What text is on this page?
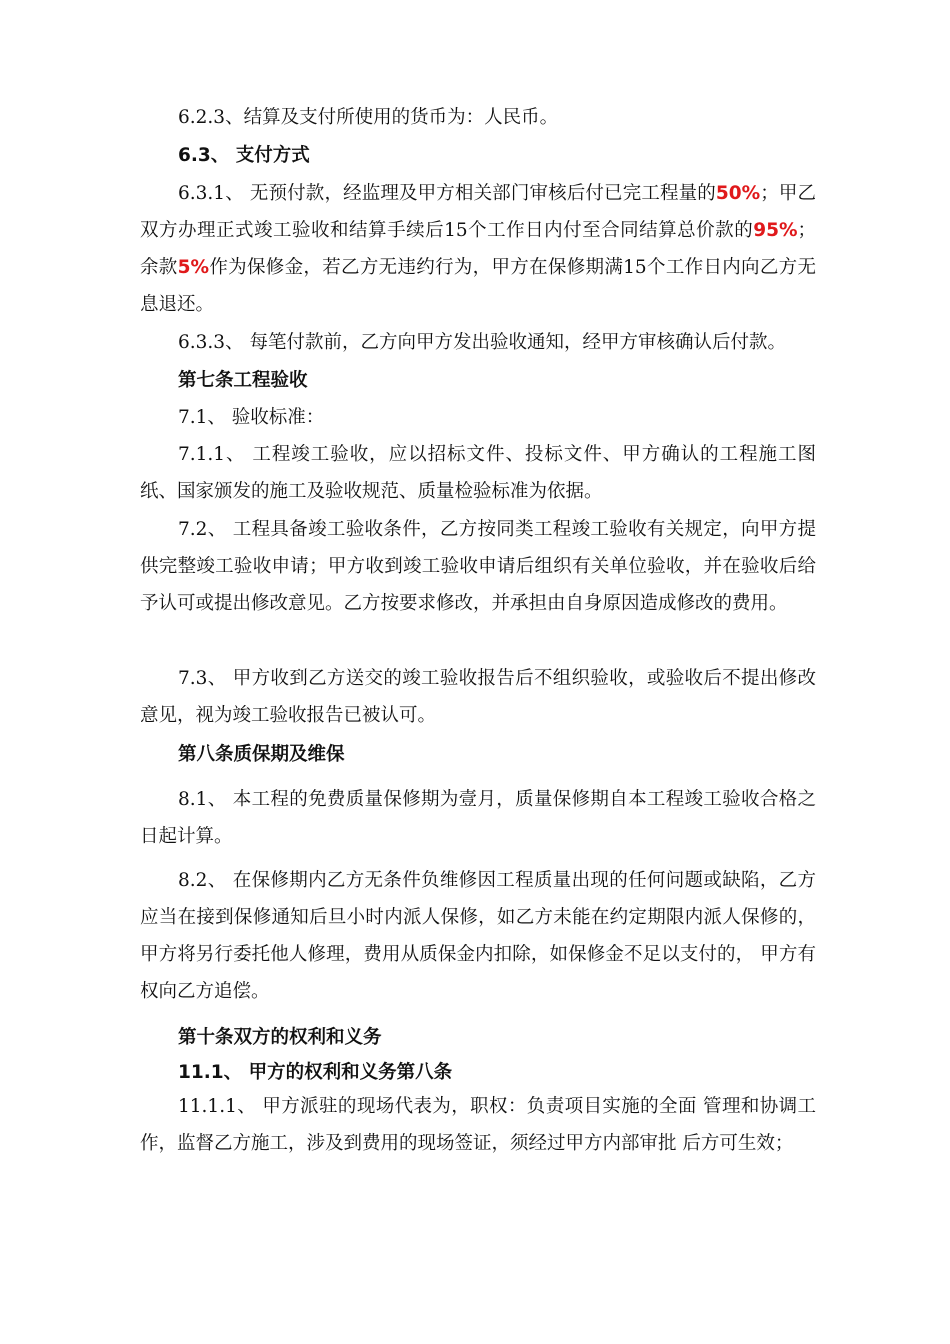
6.2.3、结算及支付所使用的货币为：人民币。

6.3、 支付方式

6.3.1、 无预付款，经监理及甲方相关部门审核后付已完工程量的50%；甲乙双方办理正式竣工验收和结算手续后15个工作日内付至合同结算总价款的95%；余款5%作为保修金，若乙方无违约行为，甲方在保修期满15个工作日内向乙方无息退还。

6.3.3、 每笔付款前，乙方向甲方发出验收通知，经甲方审核确认后付款。

第七条工程验收

7.1、 验收标准：

7.1.1、 工程竣工验收，应以招标文件、投标文件、甲方确认的工程施工图纸、国家颁发的施工及验收规范、质量检验标准为依据。

7.2、 工程具备竣工验收条件，乙方按同类工程竣工验收有关规定，向甲方提供完整竣工验收申请；甲方收到竣工验收申请后组织有关单位验收，并在验收后给予认可或提出修改意见。乙方按要求修改，并承担由自身原因造成修改的费用。

7.3、 甲方收到乙方送交的竣工验收报告后不组织验收，或验收后不提出修改意见，视为竣工验收报告已被认可。

第八条质保期及维保

8.1、 本工程的免费质量保修期为壹月，质量保修期自本工程竣工验收合格之日起计算。

8.2、 在保修期内乙方无条件负维修因工程质量出现的任何问题或缺陷，乙方应当在接到保修通知后旦小时内派人保修，如乙方未能在约定期限内派人保修的，甲方将另行委托他人修理，费用从质保金内扣除，如保修金不足以支付的， 甲方有权向乙方追偿。

第十条双方的权利和义务

11.1、 甲方的权利和义务第八条

11.1.1、 甲方派驻的现场代表为，职权：负责项目实施的全面 管理和协调工作，监督乙方施工，涉及到费用的现场签证，须经过甲方内部审批 后方可生效；
